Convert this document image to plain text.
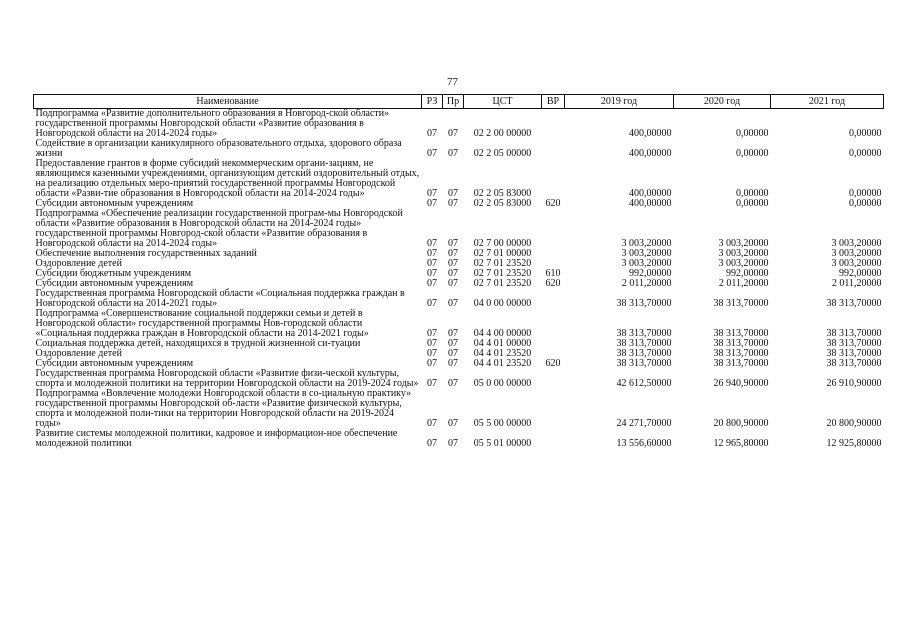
77
Наименование	РЗ	Пр	ЦСТ	ВР	2019 год	2020 год	2021 год
Подпрограмма «Развитие дополнительного образования в Новгород-ской области» государственной программы Новгородской области «Развитие образования в Новгородской области на 2014-2024 годы»	07	07	02 2 00 00000		400,00000	0,00000	0,00000
Содействие в организации каникулярного образовательного отдыха, здорового образа жизни	07	07	02 2 05 00000		400,00000	0,00000	0,00000
Предоставление грантов в форме субсидий некоммерческим органи-зациям, не являющимся казенными учреждениями, организующим детский оздоровительный отдых, на реализацию отдельных меро-приятий государственной программы Новгородской области «Разви-тие образования в Новгородской области на 2014-2024 годы»	07	07	02 2 05 83000		400,00000	0,00000	0,00000
Субсидии автономным учреждениям	07	07	02 2 05 83000	620	400,00000	0,00000	0,00000
Подпрограмма «Обеспечение реализации государственной програм-мы Новгородской области «Развитие образования в Новгородской области на 2014-2024 годы» государственной программы Новгород-ской области «Развитие образования в Новгородской области на 2014-2024 годы»	07	07	02 7 00 00000		3 003,20000	3 003,20000	3 003,20000
Обеспечение выполнения государственных заданий	07	07	02 7 01 00000		3 003,20000	3 003,20000	3 003,20000
Оздоровление детей	07	07	02 7 01 23520		3 003,20000	3 003,20000	3 003,20000
Субсидии бюджетным учреждениям	07	07	02 7 01 23520	610	992,00000	992,00000	992,00000
Субсидии автономным учреждениям	07	07	02 7 01 23520	620	2 011,20000	2 011,20000	2 011,20000
Государственная программа Новгородской области «Социальная поддержка граждан в Новгородской области на 2014-2021 годы»	07	07	04 0 00 00000		38 313,70000	38 313,70000	38 313,70000
Подпрограмма «Совершенствование социальной поддержки семьи и детей в Новгородской области» государственной программы Нов-городской области «Социальная поддержка граждан в Новгородской области на 2014-2021 годы»	07	07	04 4 00 00000		38 313,70000	38 313,70000	38 313,70000
Социальная поддержка детей, находящихся в трудной жизненной си-туации	07	07	04 4 01 00000		38 313,70000	38 313,70000	38 313,70000
Оздоровление детей	07	07	04 4 01 23520		38 313,70000	38 313,70000	38 313,70000
Субсидии автономным учреждениям	07	07	04 4 01 23520	620	38 313,70000	38 313,70000	38 313,70000
Государственная программа Новгородской области «Развитие физи-ческой культуры, спорта и молодежной политики на территории Новгородской области на 2019-2024 годы»	07	07	05 0 00 00000		42 612,50000	26 940,90000	26 910,90000
Подпрограмма «Вовлечение молодежи Новгородской области в со-циальную практику» государственной программы Новгородской об-ласти «Развитие физической культуры, спорта и молодежной поли-тики на территории Новгородской области на 2019-2024 годы»	07	07	05 5 00 00000		24 271,70000	20 800,90000	20 800,90000
Развитие системы молодежной политики, кадровое и информацион-ное обеспечение молодежной политики	07	07	05 5 01 00000		13 556,60000	12 965,80000	12 925,80000
